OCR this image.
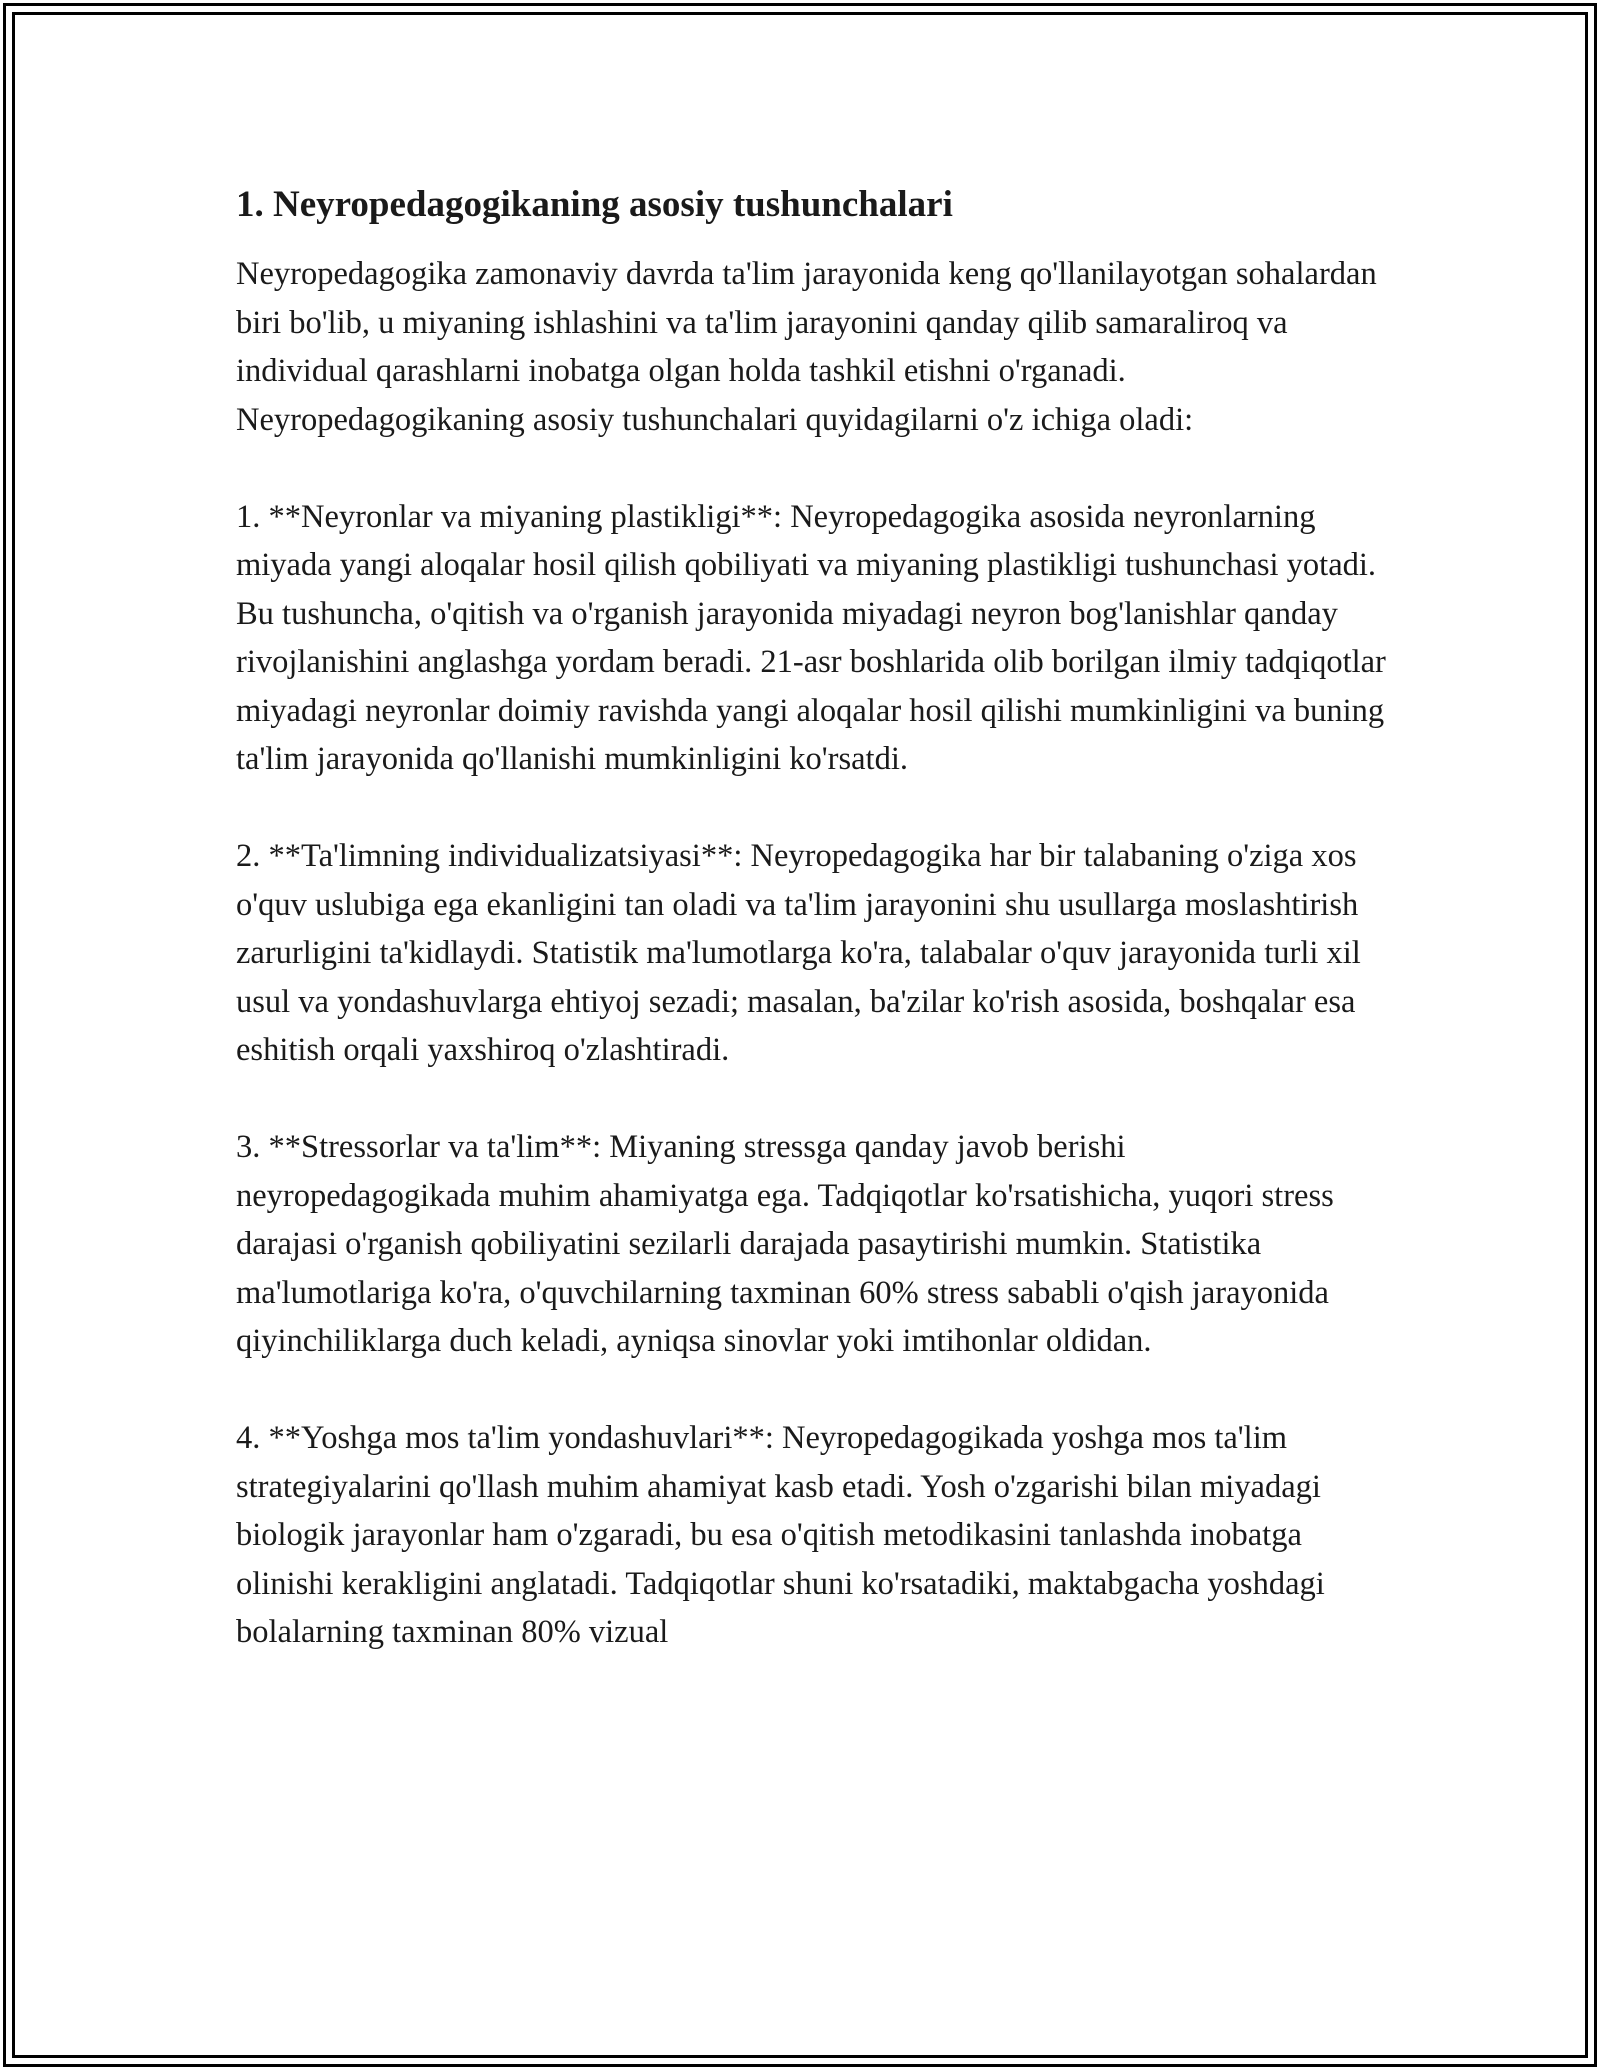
1. Neyropedagogikaning asosiy tushunchalari

Neyropedagogika zamonaviy davrda ta'lim jarayonida keng qo'llanilayotgan sohalardan biri bo'lib, u miyaning ishlashini va ta'lim jarayonini qanday qilib samaraliroq va individual qarashlarni inobatga olgan holda tashkil etishni o'rganadi. Neyropedagogikaning asosiy tushunchalari quyidagilarni o'z ichiga oladi:

1. **Neyronlar va miyaning plastikligi**: Neyropedagogika asosida neyronlarning miyada yangi aloqalar hosil qilish qobiliyati va miyaning plastikligi tushunchasi yotadi. Bu tushuncha, o'qitish va o'rganish jarayonida miyadagi neyron bog'lanishlar qanday rivojlanishini anglashga yordam beradi. 21-asr boshlarida olib borilgan ilmiy tadqiqotlar miyadagi neyronlar doimiy ravishda yangi aloqalar hosil qilishi mumkinligini va buning ta'lim jarayonida qo'llanishi mumkinligini ko'rsatdi.

2. **Ta'limning individualizatsiyasi**: Neyropedagogika har bir talabaning o'ziga xos o'quv uslubiga ega ekanligini tan oladi va ta'lim jarayonini shu usullarga moslashtirish zarurligini ta'kidlaydi. Statistik ma'lumotlarga ko'ra, talabalar o'quv jarayonida turli xil usul va yondashuvlarga ehtiyoj sezadi; masalan, ba'zilar ko'rish asosida, boshqalar esa eshitish orqali yaxshiroq o'zlashtiradi.

3. **Stressorlar va ta'lim**: Miyaning stressga qanday javob berishi neyropedagogikada muhim ahamiyatga ega. Tadqiqotlar ko'rsatishicha, yuqori stress darajasi o'rganish qobiliyatini sezilarli darajada pasaytirishi mumkin. Statistika ma'lumotlariga ko'ra, o'quvchilarning taxminan 60% stress sababli o'qish jarayonida qiyinchiliklarga duch keladi, ayniqsa sinovlar yoki imtihonlar oldidan.

4. **Yoshga mos ta'lim yondashuvlari**: Neyropedagogikada yoshga mos ta'lim strategiyalarini qo'llash muhim ahamiyat kasb etadi. Yosh o'zgarishi bilan miyadagi biologik jarayonlar ham o'zgaradi, bu esa o'qitish metodikasini tanlashda inobatga olinishi kerakligini anglatadi. Tadqiqotlar shuni ko'rsatadiki, maktabgacha yoshdagi bolalarning taxminan 80% vizual
